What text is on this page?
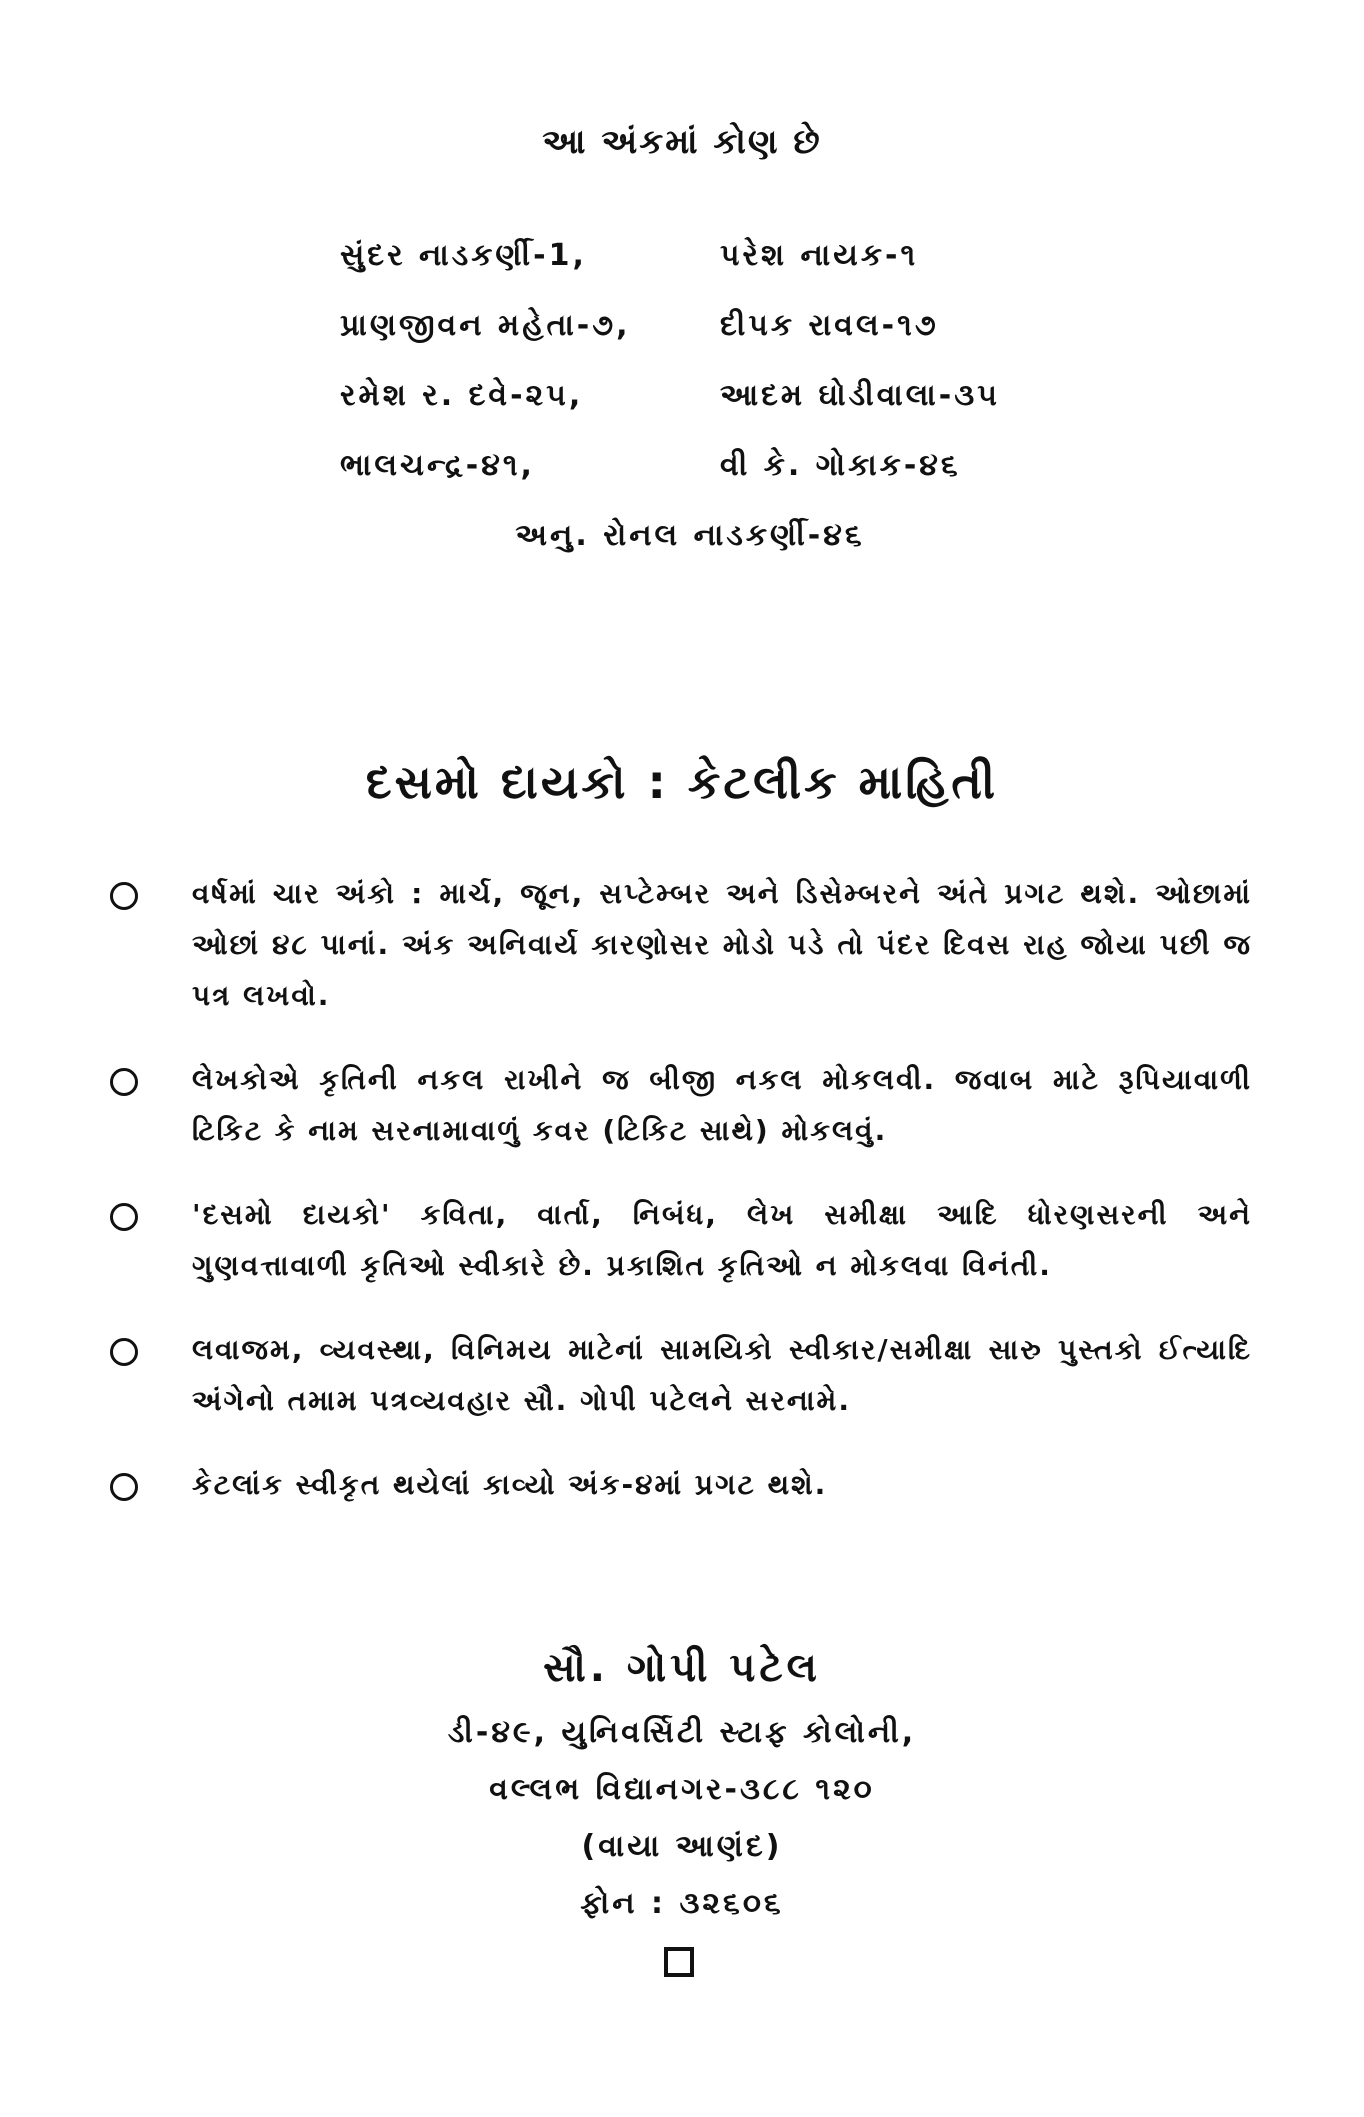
આ અંકમાં કોણ છે
સુંદર નાડકર્ણી-1,	પરેશ નાયક-૧
પ્રાણજીવન મહેતા-૭,	દીપક રાવલ-૧૭
રમેશ ર. દવે-૨૫,	આદમ ઘોડીવાલા-૩૫
ભાલચન્દ્ર-૪૧,	વી કે. ગોકાક-૪૬
અનુ. રોનલ નાડકર્ણી-૪૬
દસમો દાયકો : કેટલીક માહિતી
વર્ષમાં ચાર અંકો : માર્ચ, જૂન, સપ્ટેમ્બર અને ડિસેમ્બરને અંતે પ્રગટ થશે. ઓછામાં ઓછાં ૪૮ પાનાં. અંક અનિવાર્ય કારણોસર મોડો પડે તો પંદર દિવસ રાહ જોયા પછી જ પત્ર લખવો.
લેખકોએ કૃતિની નકલ રાખીને જ બીજી નકલ મોકલવી. જવાબ માટે રૂપિયાવાળી ટિકિટ કે નામ સરનામાવાળું કવર (ટિકિટ સાથે) મોકલવું.
'દસમો દાયકો' કવિતા, વાર્તા, નિબંધ, લેખ સમીક્ષા આદિ ધોરણસરની અને ગુણવત્તાવાળી કૃતિઓ સ્વીકારે છે. પ્રકાશિત કૃતિઓ ન મોકલવા વિનંતી.
લવાજમ, વ્યવસ્થા, વિનિમય માટેનાં સામયિકો સ્વીકાર/સમીક્ષા સારુ પુસ્તકો ઈત્યાદિ અંગેનો તમામ પત્રવ્યવહાર સૌ. ગોપી પટેલને સરનામે.
કેટલાંક સ્વીકૃત થયેલાં કાવ્યો અંક-૪માં પ્રગટ થશે.
સૌ. ગોપી પટેલ
ડી-૪૯, યુનિવર્સિટી સ્ટાફ કોલોની,
વલ્લભ વિદ્યાનગર-૩૮૮ ૧૨૦
(વાયા આણંદ)
ફોન : ૩૨૬૦૬
